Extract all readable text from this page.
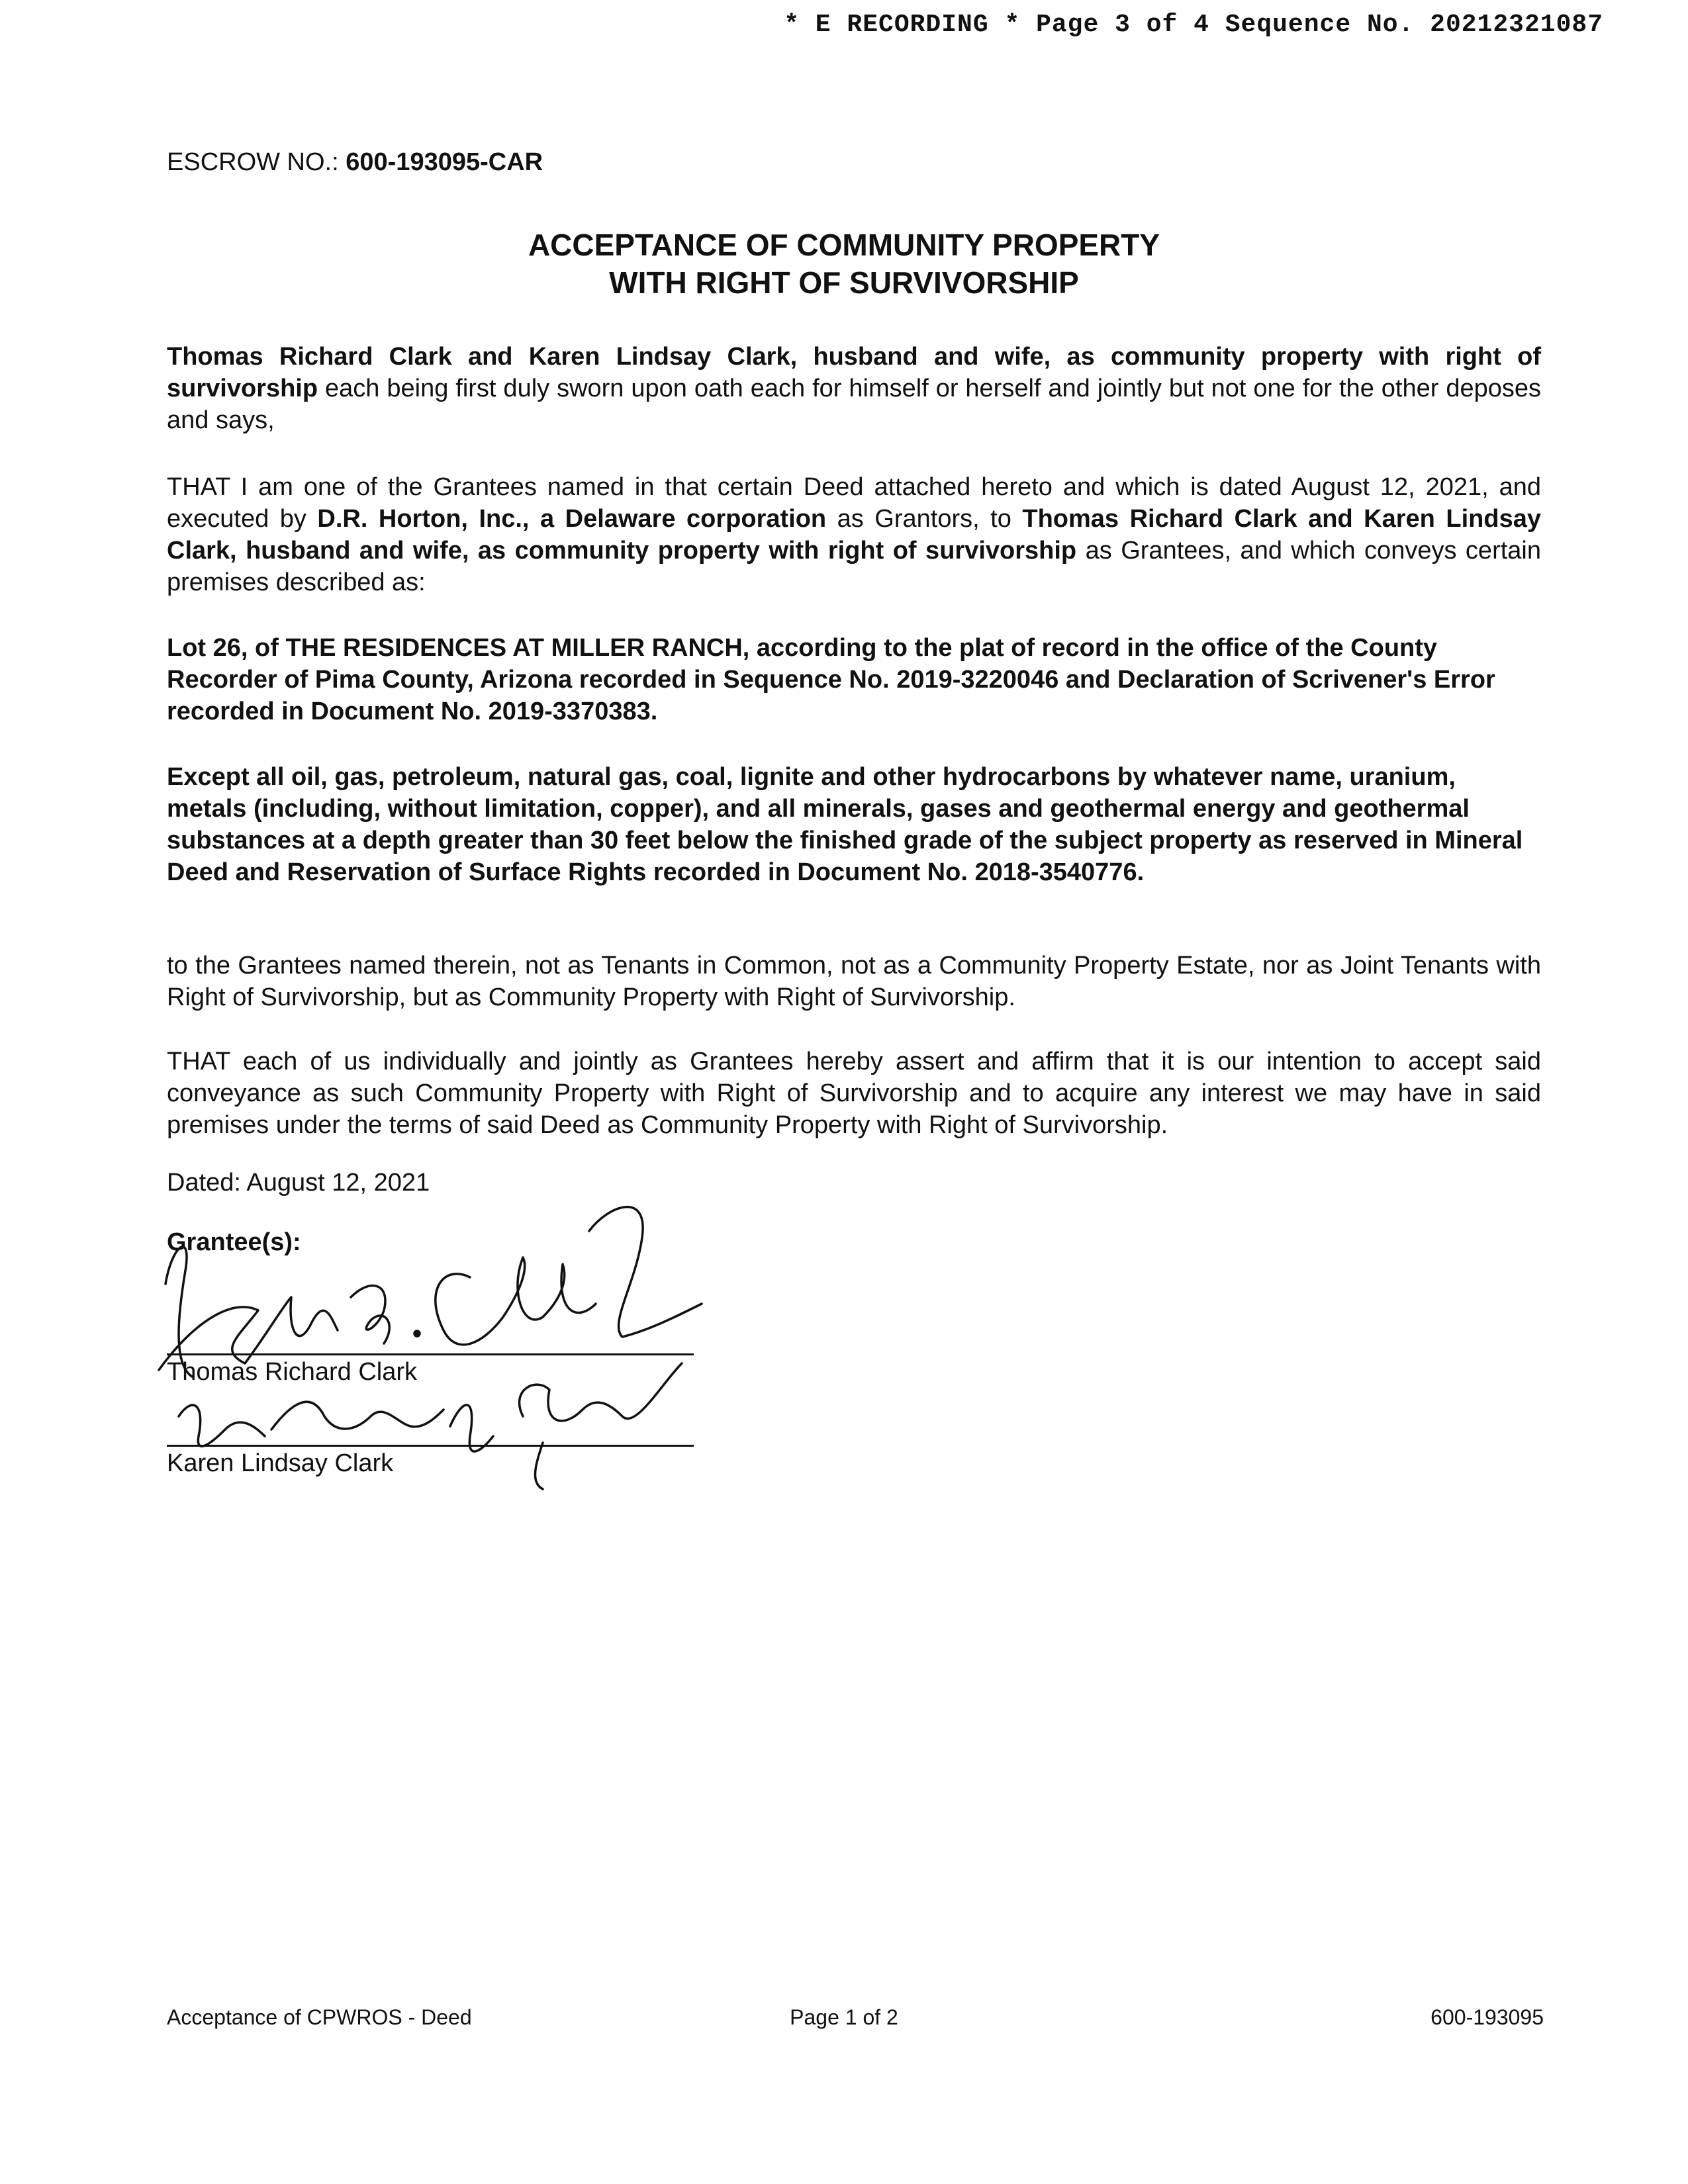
* E RECORDING * Page 3 of 4 Sequence No. 20212321087
ESCROW NO.: 600-193095-CAR
ACCEPTANCE OF COMMUNITY PROPERTY
WITH RIGHT OF SURVIVORSHIP
Thomas Richard Clark and Karen Lindsay Clark, husband and wife, as community property with right of survivorship each being first duly sworn upon oath each for himself or herself and jointly but not one for the other deposes and says,
THAT I am one of the Grantees named in that certain Deed attached hereto and which is dated August 12, 2021, and executed by D.R. Horton, Inc., a Delaware corporation as Grantors, to Thomas Richard Clark and Karen Lindsay Clark, husband and wife, as community property with right of survivorship as Grantees, and which conveys certain premises described as:
Lot 26, of THE RESIDENCES AT MILLER RANCH, according to the plat of record in the office of the County Recorder of Pima County, Arizona recorded in Sequence No. 2019-3220046 and Declaration of Scrivener's Error recorded in Document No. 2019-3370383.
Except all oil, gas, petroleum, natural gas, coal, lignite and other hydrocarbons by whatever name, uranium, metals (including, without limitation, copper), and all minerals, gases and geothermal energy and geothermal substances at a depth greater than 30 feet below the finished grade of the subject property as reserved in Mineral Deed and Reservation of Surface Rights recorded in Document No. 2018-3540776.
to the Grantees named therein, not as Tenants in Common, not as a Community Property Estate, nor as Joint Tenants with Right of Survivorship, but as Community Property with Right of Survivorship.
THAT each of us individually and jointly as Grantees hereby assert and affirm that it is our intention to accept said conveyance as such Community Property with Right of Survivorship and to acquire any interest we may have in said premises under the terms of said Deed as Community Property with Right of Survivorship.
Dated: August 12, 2021
Grantee(s):
Thomas Richard Clark
Karen Lindsay Clark
Acceptance of CPWROS - Deed	Page 1 of 2	600-193095
